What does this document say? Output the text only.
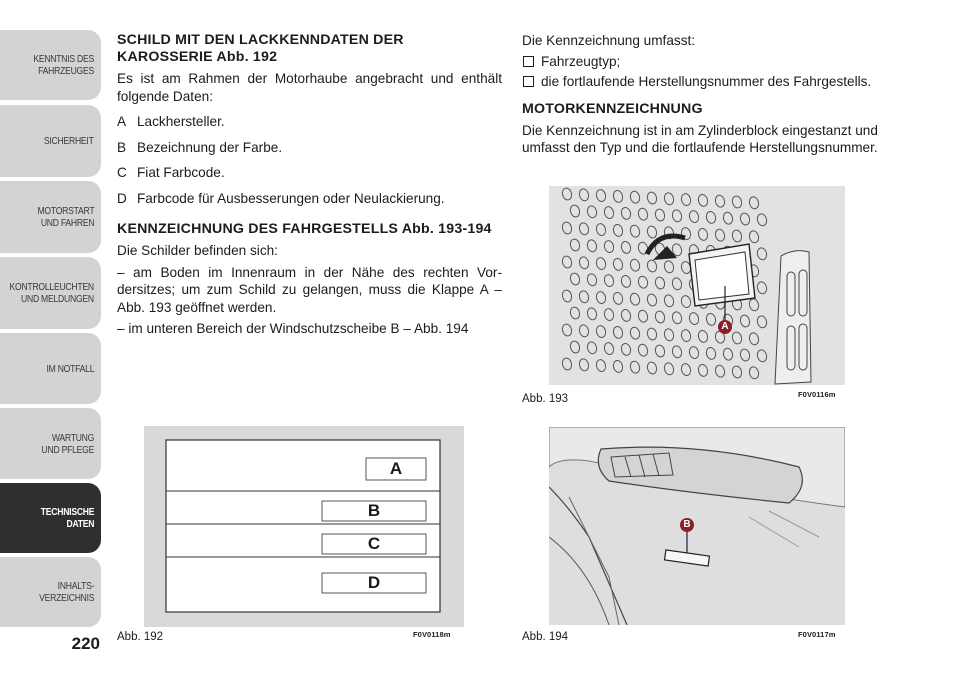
KENNTNIS DES
FAHRZEUGES
SICHERHEIT
MOTORSTART
UND FAHREN
KONTROLLEUCHTEN
UND MELDUNGEN
IM NOTFALL
WARTUNG
UND PFLEGE
TECHNISCHE
DATEN
INHALTS-
VERZEICHNIS
220
SCHILD MIT DEN LACKKENNDATEN DER KAROSSERIE Abb. 192
Es ist am Rahmen der Motorhaube angebracht und enthält folgende Daten:
A Lackhersteller.
B Bezeichnung der Farbe.
C Fiat Farbcode.
D Farbcode für Ausbesserungen oder Neulackierung.
KENNZEICHNUNG DES FAHRGESTELLS Abb. 193-194
Die Schilder befinden sich:
– am Boden im Innenraum in der Nähe des rechten Vor-dersitzes; um zum Schild zu gelangen, muss die Klappe A – Abb. 193 geöffnet werden.
– im unteren Bereich der Windschutzscheibe B – Abb. 194
Die Kennzeichnung umfasst:
Fahrzeugtyp;
die fortlaufende Herstellungsnummer des Fahrgestells.
MOTORKENNZEICHNUNG
Die Kennzeichnung ist in am Zylinderblock eingestanzt und umfasst den Typ und die fortlaufende Herstellungsnummer.
A
B
C
D
Abb. 192	F0V0118m
A
Abb. 193	F0V0116m
B
Abb. 194	F0V0117m
